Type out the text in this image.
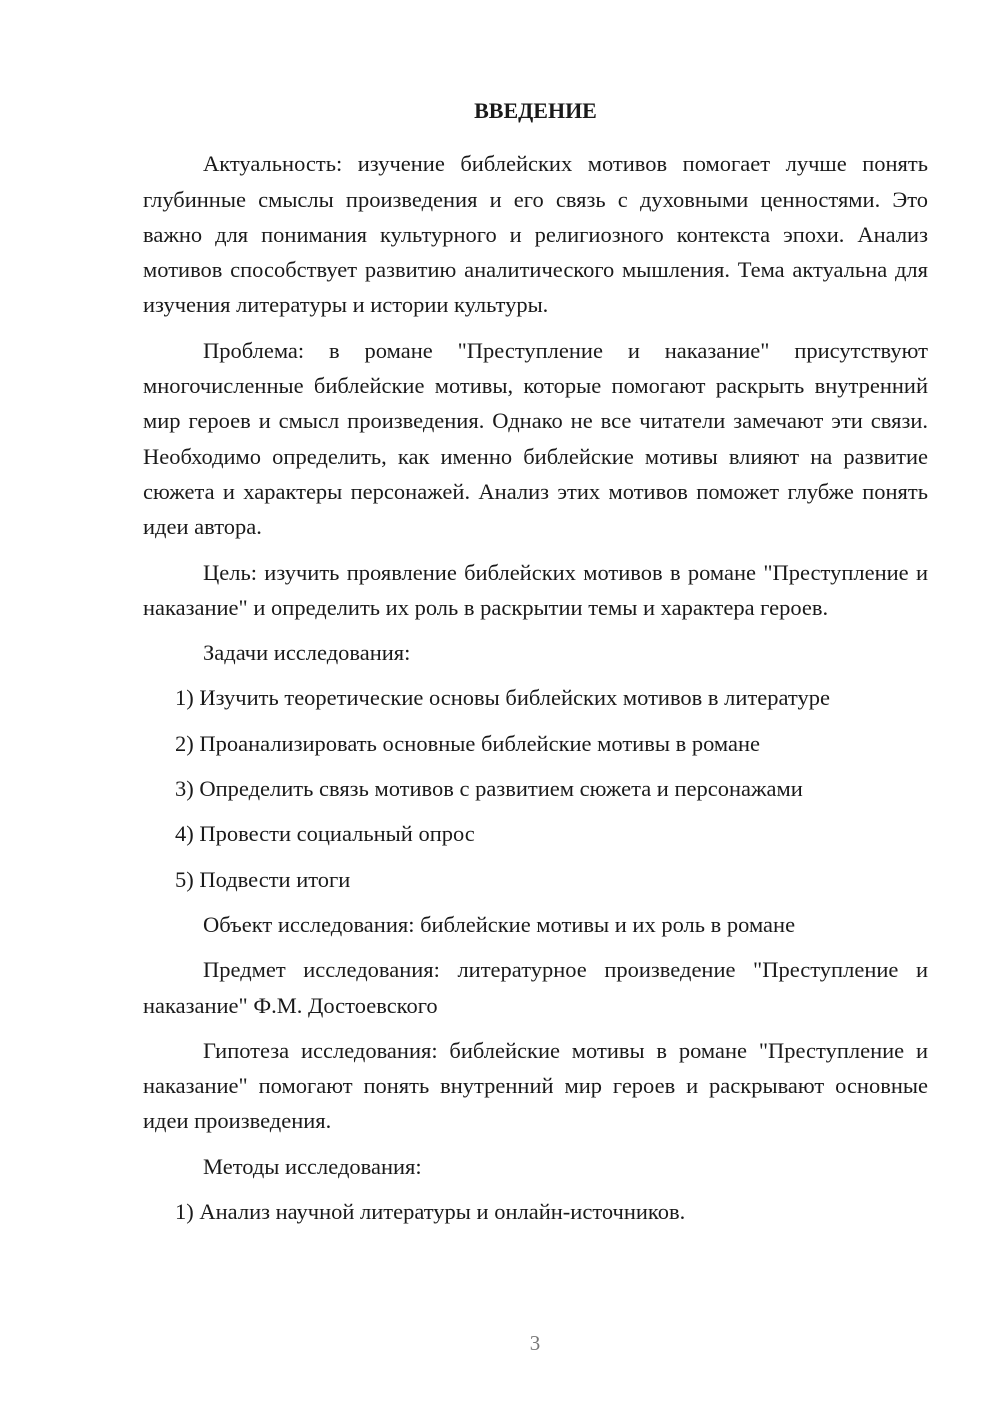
ВВЕДЕНИЕ

Актуальность: изучение библейских мотивов помогает лучше понять глубинные смыслы произведения и его связь с духовными ценностями. Это важно для понимания культурного и религиозного контекста эпохи. Анализ мотивов способствует развитию аналитического мышления. Тема актуальна для изучения литературы и истории культуры.

Проблема: в романе "Преступление и наказание" присутствуют многочисленные библейские мотивы, которые помогают раскрыть внутренний мир героев и смысл произведения. Однако не все читатели замечают эти связи. Необходимо определить, как именно библейские мотивы влияют на развитие сюжета и характеры персонажей. Анализ этих мотивов поможет глубже понять идеи автора.

Цель: изучить проявление библейских мотивов в романе "Преступление и наказание" и определить их роль в раскрытии темы и характера героев.

Задачи исследования:

1) Изучить теоретические основы библейских мотивов в литературе

2) Проанализировать основные библейские мотивы в романе

3) Определить связь мотивов с развитием сюжета и персонажами

4) Провести социальный опрос

5) Подвести итоги

Объект исследования: библейские мотивы и их роль в романе

Предмет исследования: литературное произведение "Преступление и наказание" Ф.М. Достоевского

Гипотеза исследования: библейские мотивы в романе "Преступление и наказание" помогают понять внутренний мир героев и раскрывают основные идеи произведения.

Методы исследования:

1) Анализ научной литературы и онлайн-источников.

3
